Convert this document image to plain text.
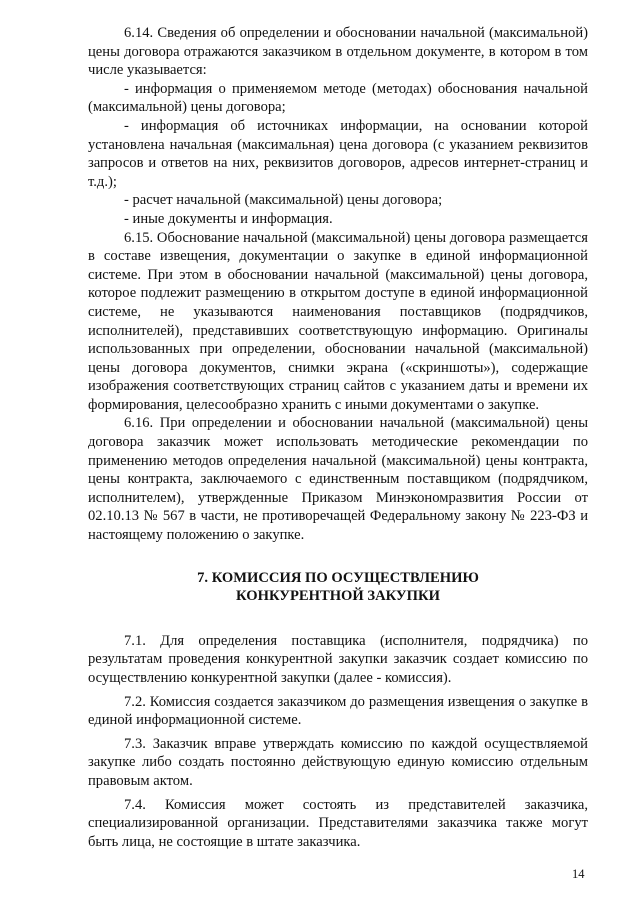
6.14. Сведения об определении и обосновании начальной (максимальной) цены договора отражаются заказчиком в отдельном документе, в котором в том числе указывается:

- информация о применяемом методе (методах) обоснования начальной (максимальной) цены договора;

- информация об источниках информации, на основании которой установлена начальная (максимальная) цена договора (с указанием реквизитов запросов и ответов на них, реквизитов договоров, адресов интернет-страниц и т.д.);

- расчет начальной (максимальной) цены договора;

- иные документы и информация.

6.15. Обоснование начальной (максимальной) цены договора размещается в составе извещения, документации о закупке в единой информационной системе. При этом в обосновании начальной (максимальной) цены договора, которое подлежит размещению в открытом доступе в единой информационной системе, не указываются наименования поставщиков (подрядчиков, исполнителей), представивших соответствующую информацию. Оригиналы использованных при определении, обосновании начальной (максимальной) цены договора документов, снимки экрана («скриншоты»), содержащие изображения соответствующих страниц сайтов с указанием даты и времени их формирования, целесообразно хранить с иными документами о закупке.

6.16. При определении и обосновании начальной (максимальной) цены договора заказчик может использовать методические рекомендации по применению методов определения начальной (максимальной) цены контракта, цены контракта, заключаемого с единственным поставщиком (подрядчиком, исполнителем), утвержденные Приказом Минэкономразвития России от 02.10.13 № 567 в части, не противоречащей Федеральному закону № 223-ФЗ и настоящему положению о закупке.

7. КОМИССИЯ ПО ОСУЩЕСТВЛЕНИЮ
КОНКУРЕНТНОЙ ЗАКУПКИ

7.1. Для определения поставщика (исполнителя, подрядчика) по результатам проведения конкурентной закупки заказчик создает комиссию по осуществлению конкурентной закупки (далее - комиссия).

7.2. Комиссия создается заказчиком до размещения извещения о закупке в единой информационной системе.

7.3. Заказчик вправе утверждать комиссию по каждой осуществляемой закупке либо создать постоянно действующую единую комиссию отдельным правовым актом.

7.4. Комиссия может состоять из представителей заказчика, специализированной организации. Представителями заказчика также могут быть лица, не состоящие в штате заказчика.

14
